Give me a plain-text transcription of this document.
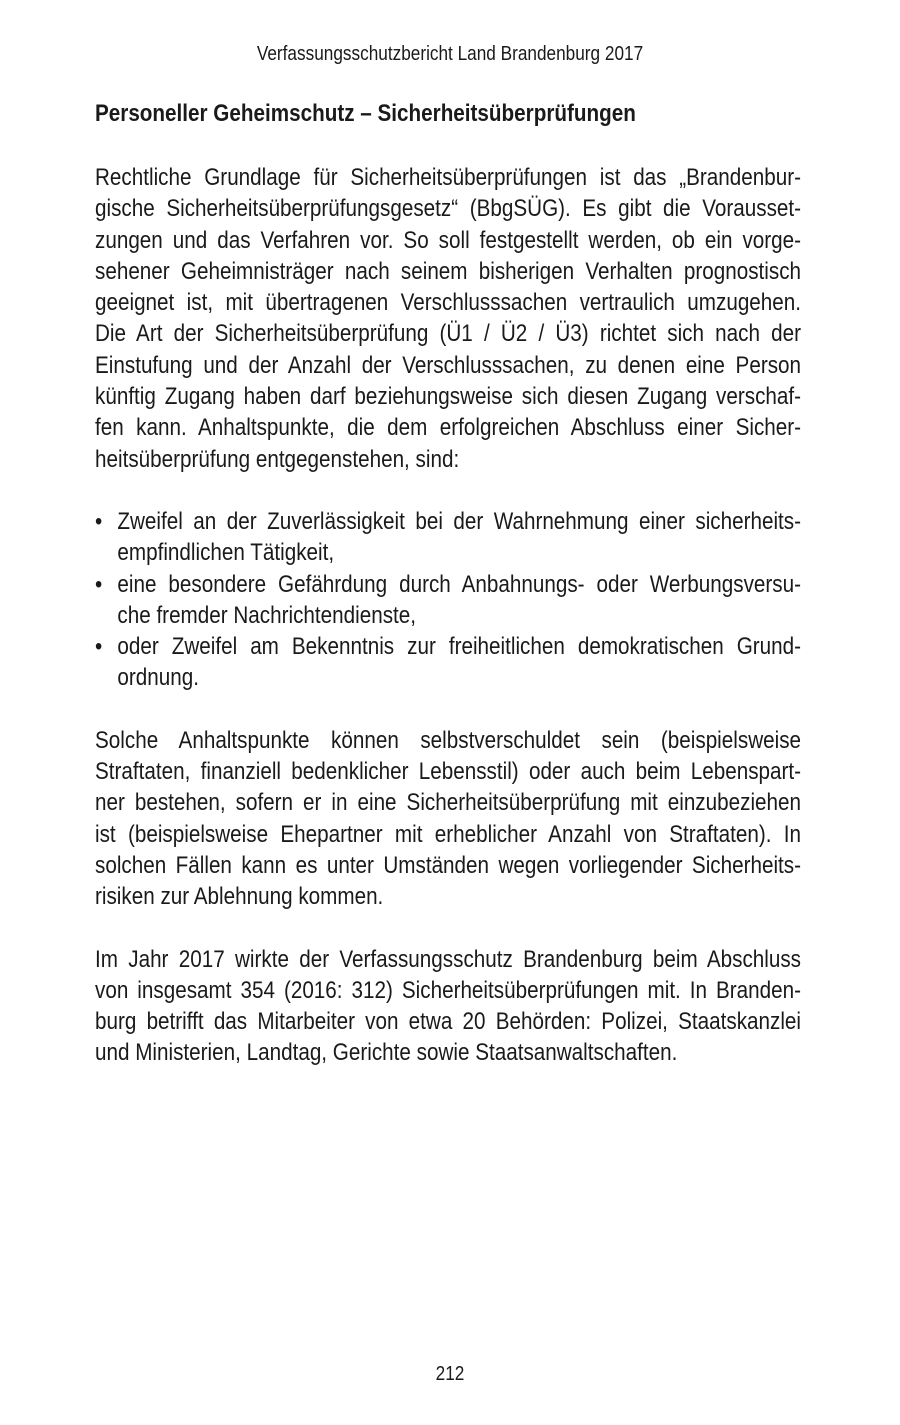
Verfassungsschutzbericht Land Brandenburg 2017
Personeller Geheimschutz – Sicherheitsüberprüfungen

Rechtliche Grundlage für Sicherheitsüberprüfungen ist das „Brandenbur-
gische Sicherheitsüberprüfungsgesetz“ (BbgSÜG). Es gibt die Vorausset-
zungen und das Verfahren vor. So soll festgestellt werden, ob ein vorge-
sehener Geheimnisträger nach seinem bisherigen Verhalten prognostisch
geeignet ist, mit übertragenen Verschlusssachen vertraulich umzugehen.
Die Art der Sicherheitsüberprüfung (Ü1 / Ü2 / Ü3) richtet sich nach der
Einstufung und der Anzahl der Verschlusssachen, zu denen eine Person
künftig Zugang haben darf beziehungsweise sich diesen Zugang verschaf-
fen kann. Anhaltspunkte, die dem erfolgreichen Abschluss einer Sicher-
heitsüberprüfung entgegenstehen, sind:

• Zweifel an der Zuverlässigkeit bei der Wahrnehmung einer sicherheits-
empfindlichen Tätigkeit,
• eine besondere Gefährdung durch Anbahnungs- oder Werbungsversu-
che fremder Nachrichtendienste,
• oder Zweifel am Bekenntnis zur freiheitlichen demokratischen Grund-
ordnung.

Solche Anhaltspunkte können selbstverschuldet sein (beispielsweise
Straftaten, finanziell bedenklicher Lebensstil) oder auch beim Lebenspart-
ner bestehen, sofern er in eine Sicherheitsüberprüfung mit einzubeziehen
ist (beispielsweise Ehepartner mit erheblicher Anzahl von Straftaten). In
solchen Fällen kann es unter Umständen wegen vorliegender Sicherheits-
risiken zur Ablehnung kommen.

Im Jahr 2017 wirkte der Verfassungsschutz Brandenburg beim Abschluss
von insgesamt 354 (2016: 312) Sicherheitsüberprüfungen mit. In Branden-
burg betrifft das Mitarbeiter von etwa 20 Behörden: Polizei, Staatskanzlei
und Ministerien, Landtag, Gerichte sowie Staatsanwaltschaften.

212
